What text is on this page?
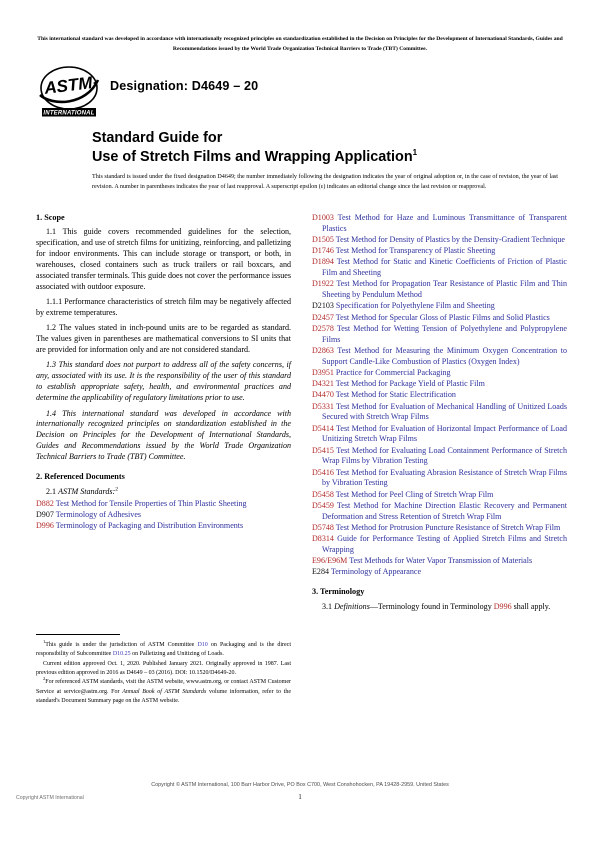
This international standard was developed in accordance with internationally recognized principles on standardization established in the Decision on Principles for the Development of International Standards, Guides and Recommendations issued by the World Trade Organization Technical Barriers to Trade (TBT) Committee.
ASTM
INTERNATIONAL
Designation: D4649 – 20
Standard Guide for
Use of Stretch Films and Wrapping Application$^1$
This standard is issued under the fixed designation D4649; the number immediately following the designation indicates the year of original adoption or, in the case of revision, the year of last revision. A number in parentheses indicates the year of last reapproval. A superscript epsilon (ε) indicates an editorial change since the last revision or reapproval.
1. Scope

1.1 This guide covers recommended guidelines for the selection, specification, and use of stretch films for unitizing, reinforcing, and palletizing for indoor environments. This can include storage or transport, or both, in warehouses, closed containers such as truck trailers or rail boxcars, and associated transfer terminals. This guide does not cover the performance issues associated with outdoor exposure.

1.1.1 Performance characteristics of stretch film may be negatively affected by extreme temperatures.

1.2 The values stated in inch-pound units are to be regarded as standard. The values given in parentheses are mathematical conversions to SI units that are provided for information only and are not considered standard.

1.3 This standard does not purport to address all of the safety concerns, if any, associated with its use. It is the responsibility of the user of this standard to establish appropriate safety, health, and environmental practices and determine the applicability of regulatory limitations prior to use.

1.4 This international standard was developed in accordance with internationally recognized principles on standardization established in the Decision on Principles for the Development of International Standards, Guides and Recommendations issued by the World Trade Organization Technical Barriers to Trade (TBT) Committee.

2. Referenced Documents
2.1 ASTM Standards:$^2$
D882 Test Method for Tensile Properties of Thin Plastic Sheeting
D907 Terminology of Adhesives
D996 Terminology of Packaging and Distribution Environments

$^1$This guide is under the jurisdiction of ASTM Committee D10 on Packaging and is the direct responsibility of Subcommittee D10.25 on Palletizing and Unitizing of Loads.

Current edition approved Oct. 1, 2020. Published January 2021. Originally approved in 1987. Last previous edition approved in 2016 as D4649 – 03 (2016). DOI: 10.1520/D4649-20.

$^2$For referenced ASTM standards, visit the ASTM website, www.astm.org, or contact ASTM Customer Service at service@astm.org. For Annual Book of ASTM Standards volume information, refer to the standard's Document Summary page on the ASTM website.

D1003 Test Method for Haze and Luminous Transmittance of Transparent Plastics
D1505 Test Method for Density of Plastics by the Density-Gradient Technique
D1746 Test Method for Transparency of Plastic Sheeting
D1894 Test Method for Static and Kinetic Coefficients of Friction of Plastic Film and Sheeting
D1922 Test Method for Propagation Tear Resistance of Plastic Film and Thin Sheeting by Pendulum Method
D2103 Specification for Polyethylene Film and Sheeting
D2457 Test Method for Specular Gloss of Plastic Films and Solid Plastics
D2578 Test Method for Wetting Tension of Polyethylene and Polypropylene Films
D2863 Test Method for Measuring the Minimum Oxygen Concentration to Support Candle-Like Combustion of Plastics (Oxygen Index)
D3951 Practice for Commercial Packaging
D4321 Test Method for Package Yield of Plastic Film
D4470 Test Method for Static Electrification
D5331 Test Method for Evaluation of Mechanical Handling of Unitized Loads Secured with Stretch Wrap Films
D5414 Test Method for Evaluation of Horizontal Impact Performance of Load Unitizing Stretch Wrap Films
D5415 Test Method for Evaluating Load Containment Performance of Stretch Wrap Films by Vibration Testing
D5416 Test Method for Evaluating Abrasion Resistance of Stretch Wrap Films by Vibration Testing
D5458 Test Method for Peel Cling of Stretch Wrap Film
D5459 Test Method for Machine Direction Elastic Recovery and Permanent Deformation and Stress Retention of Stretch Wrap Film
D5748 Test Method for Protrusion Puncture Resistance of Stretch Wrap Film
D8314 Guide for Performance Testing of Applied Stretch Films and Stretch Wrapping
E96/E96M Test Methods for Water Vapor Transmission of Materials
E284 Terminology of Appearance
3. Terminology

3.1 Definitions—Terminology found in Terminology D996 shall apply.

Copyright © ASTM International, 100 Barr Harbor Drive, PO Box C700, West Conshohocken, PA 19428-2959. United States
Copyright ASTM International	1
